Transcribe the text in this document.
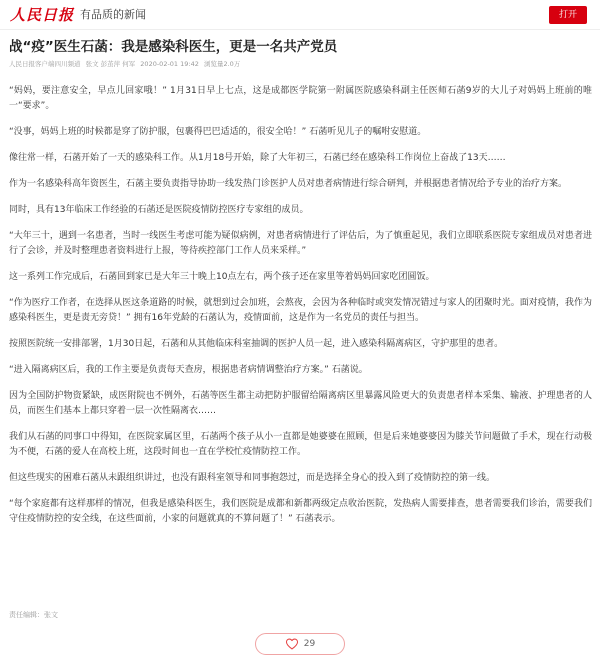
人民日报 有品质的新闻	打开
战“疫”医生石菡：我是感染科医生，更是一名共产党员
人民日报客户端四川频道 张文 彭茧萍 何军 2020-02-01 19:42 浏览量2.0万

“妈妈，要注意安全，早点儿回家哦！” 1月31日早上七点，这是成都医学院第一附属医院感染科副主任医师石菡9岁的大儿子对妈妈上班前的唯一“要求”。

“没事，妈妈上班的时候都是穿了防护服，包裹得巴巴适适的，很安全哈！” 石菡听见儿子的嘱咐安慰道。

像往常一样，石菡开始了一天的感染科工作。从1月18号开始，除了大年初三，石菡已经在感染科工作岗位上奋战了13天……

作为一名感染科高年资医生，石菡主要负责指导协助一线发热门诊医护人员对患者病情进行综合研判，并根据患者情况给予专业的治疗方案。

同时，具有13年临床工作经验的石菡还是医院疫情防控医疗专家组的成员。

“大年三十，遇到一名患者，当时一线医生考虑可能为疑似病例，对患者病情进行了评估后，为了慎重起见，我们立即联系医院专家组成员对患者进行了会诊，并及时整理患者资料进行上报，等待疾控部门工作人员来采样。”

这一系列工作完成后，石菡回到家已是大年三十晚上10点左右，两个孩子还在家里等着妈妈回家吃团圆饭。

“作为医疗工作者，在选择从医这条道路的时候，就想到过会加班，会熬夜，会因为各种临时或突发情况错过与家人的团聚时光。面对疫情，我作为感染科医生，更是责无旁贷！” 拥有16年党龄的石菡认为，疫情面前，这是作为一名党员的责任与担当。

按照医院统一安排部署，1月30日起，石菡和从其他临床科室抽调的医护人员一起，进入感染科隔离病区，守护那里的患者。

“进入隔离病区后，我的工作主要是负责每天查房，根据患者病情调整治疗方案。” 石菡说。

因为全国防护物资紧缺，成医附院也不例外，石菡等医生都主动把防护服留给隔离病区里暴露风险更大的负责患者样本采集、输液、护理患者的人员，而医生们基本上都只穿着一层一次性隔离衣……

我们从石菡的同事口中得知，在医院家属区里，石菡两个孩子从小一直都是她婆婆在照顾，但是后来她婆婆因为膝关节问题做了手术，现在行动极为不便，石菡的爱人在高校上班，这段时间也一直在学校忙疫情防控工作。

但这些现实的困难石菡从未跟组织讲过，也没有跟科室领导和同事抱怨过，而是选择全身心的投入到了疫情防控的第一线。

“每个家庭都有这样那样的情况，但我是感染科医生，我们医院是成都和新都两级定点收治医院，发热病人需要排查，患者需要我们诊治，需要我们守住疫情防控的安全线，在这些面前，小家的问题就真的不算问题了！” 石菡表示。

责任编辑：张文
29
